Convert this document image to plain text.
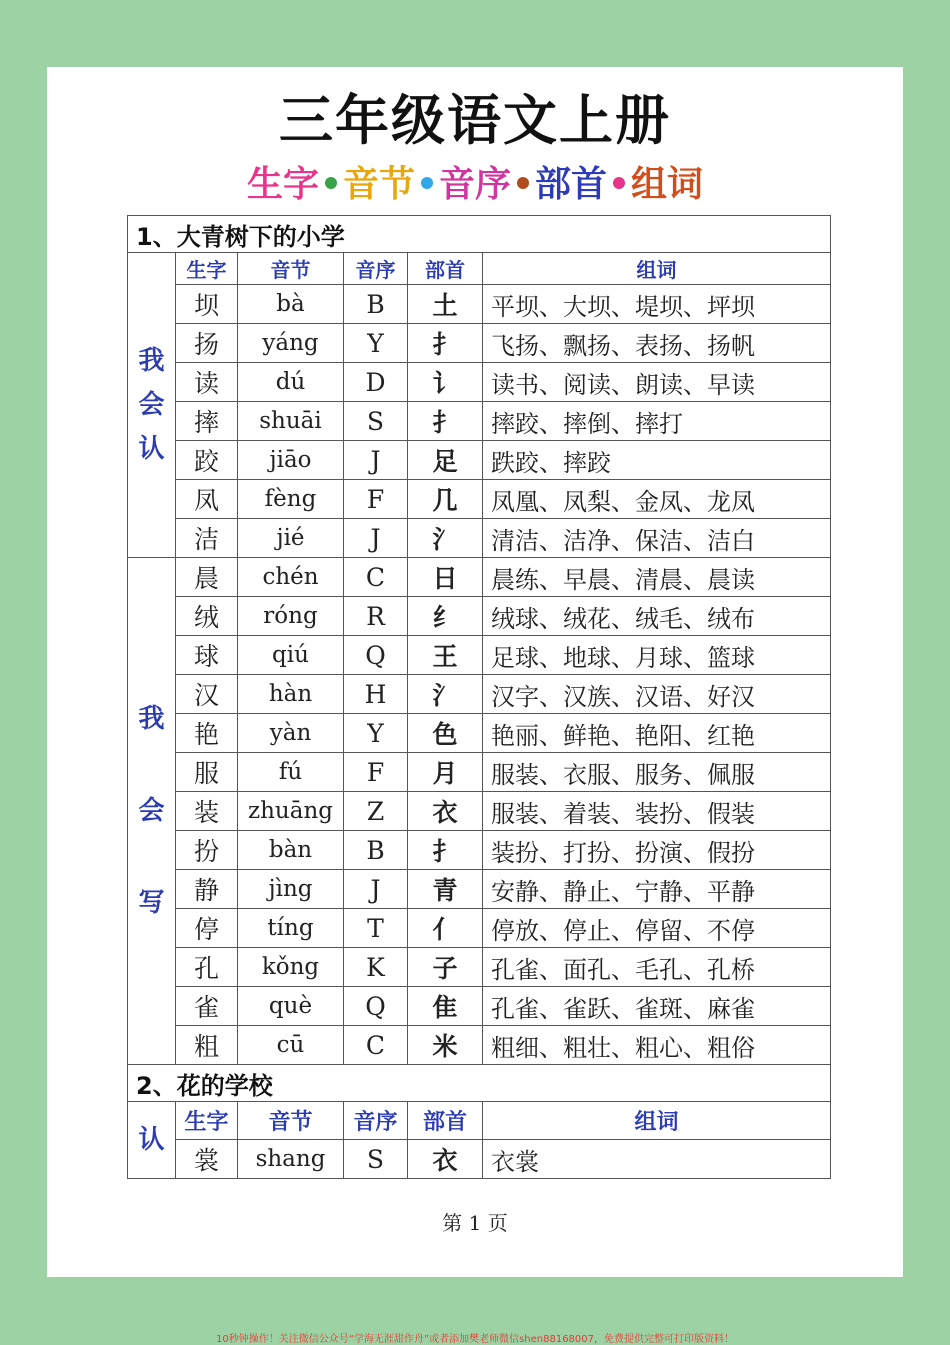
三年级语文上册
生字 音节 音序 部首 组词
1、大青树下的小学					

我
会
认	生字	音节	音序	部首	组词
	坝	bà	B	土	平坝、大坝、堤坝、坪坝
	扬	yáng	Y	扌	飞扬、飘扬、表扬、扬帆
	读	dú	D	讠	读书、阅读、朗读、早读
	摔	shuāi	S	扌	摔跤、摔倒、摔打
	跤	jiāo	J	足	跌跤、摔跤
	凤	fèng	F	几	凤凰、凤梨、金凤、龙凤
	洁	jié	J	氵	清洁、洁净、保洁、洁白

我
会
写	晨	chén	C	日	晨练、早晨、清晨、晨读
	绒	róng	R	纟	绒球、绒花、绒毛、绒布
	球	qiú	Q	王	足球、地球、月球、篮球
	汉	hàn	H	氵	汉字、汉族、汉语、好汉
	艳	yàn	Y	色	艳丽、鲜艳、艳阳、红艳
	服	fú	F	月	服装、衣服、服务、佩服
	装	zhuāng	Z	衣	服装、着装、装扮、假装
	扮	bàn	B	扌	装扮、打扮、扮演、假扮
	静	jìng	J	青	安静、静止、宁静、平静
	停	tíng	T	亻	停放、停止、停留、不停
	孔	kǒng	K	子	孔雀、面孔、毛孔、孔桥
	雀	què	Q	隹	孔雀、雀跃、雀斑、麻雀
	粗	cū	C	米	粗细、粗壮、粗心、粗俗
2、花的学校					
认	生字	音节	音序	部首	组词
	裳	shang	S	衣	衣裳
第 1 页
10秒钟操作！关注微信公众号“学海无涯甜作舟”或者添加樊老师微信shen88168007，免费提供完整可打印版资料！
